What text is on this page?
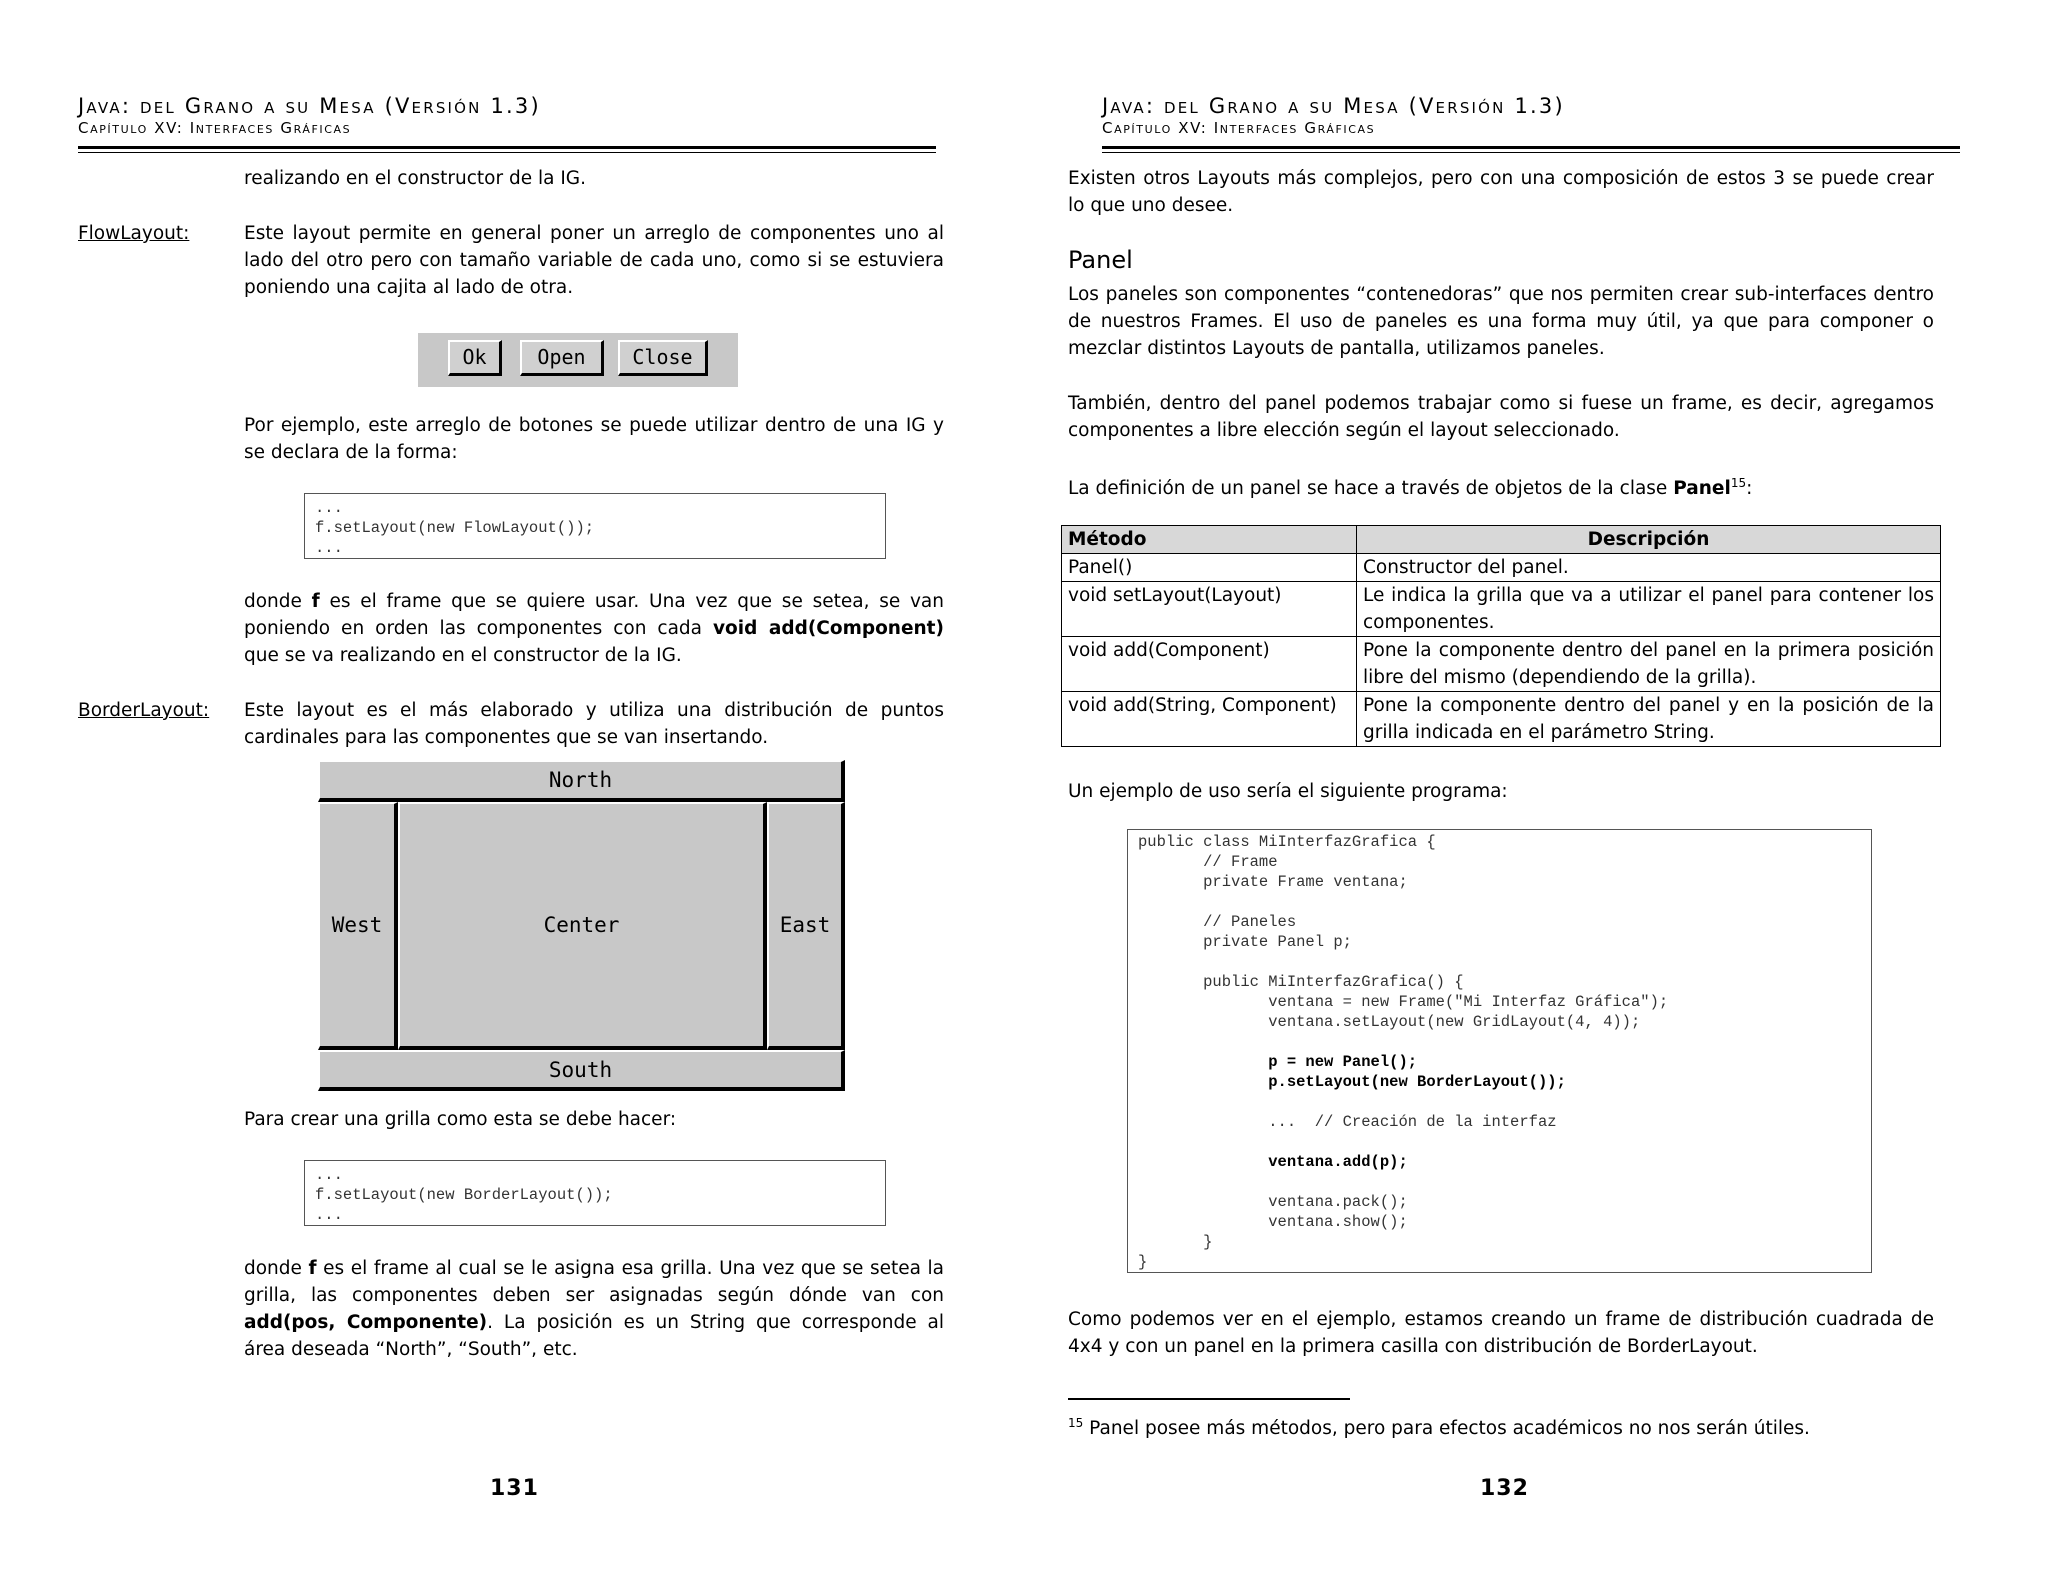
Java: del Grano a su Mesa (Versión 1.3)
Capítulo XV: Interfaces Gráficas
realizando en el constructor de la IG.
FlowLayout:	Este layout permite en general poner un arreglo de componentes uno al lado del otro pero con tamaño variable de cada uno, como si se estuviera poniendo una cajita al lado de otra.
Ok	Open	Close
Por ejemplo, este arreglo de botones se puede utilizar dentro de una IG y se declara de la forma:
...
f.setLayout(new FlowLayout());
...
donde f es el frame que se quiere usar. Una vez que se setea, se van poniendo en orden las componentes con cada void add(Component) que se va realizando en el constructor de la IG.
BorderLayout: Este layout es el más elaborado y utiliza una distribución de puntos cardinales para las componentes que se van insertando.
North
West	Center	East
South
Para crear una grilla como esta se debe hacer:
...
f.setLayout(new BorderLayout());
...
donde f es el frame al cual se le asigna esa grilla. Una vez que se setea la grilla, las componentes deben ser asignadas según dónde van con add(pos, Componente). La posición es un String que corresponde al área deseada “North”, “South”, etc.
131
Java: del Grano a su Mesa (Versión 1.3)
Capítulo XV: Interfaces Gráficas
Existen otros Layouts más complejos, pero con una composición de estos 3 se puede crear lo que uno desee.
Panel
Los paneles son componentes “contenedoras” que nos permiten crear sub-interfaces dentro de nuestros Frames. El uso de paneles es una forma muy útil, ya que para componer o mezclar distintos Layouts de pantalla, utilizamos paneles.
También, dentro del panel podemos trabajar como si fuese un frame, es decir, agregamos componentes a libre elección según el layout seleccionado.
La definición de un panel se hace a través de objetos de la clase Panel$^{15}$:
Método	Descripción
Panel()	Constructor del panel.
void setLayout(Layout)	Le indica la grilla que va a utilizar el panel para contener los componentes.
void add(Component)	Pone la componente dentro del panel en la primera posición libre del mismo (dependiendo de la grilla).
void add(String, Component)	Pone la componente dentro del panel y en la posición de la grilla indicada en el parámetro String.
Un ejemplo de uso sería el siguiente programa:
public class MiInterfazGrafica {
// Frame
private Frame ventana;

// Paneles
private Panel p;

public MiInterfazGrafica() {
ventana = new Frame("Mi Interfaz Gráfica");
ventana.setLayout(new GridLayout(4, 4));

p = new Panel();
p.setLayout(new BorderLayout());

...  // Creación de la interfaz

ventana.add(p);

ventana.pack();
ventana.show();
}
}
Como podemos ver en el ejemplo, estamos creando un frame de distribución cuadrada de 4x4 y con un panel en la primera casilla con distribución de BorderLayout.
$^{15}$ Panel posee más métodos, pero para efectos académicos no nos serán útiles.
132
